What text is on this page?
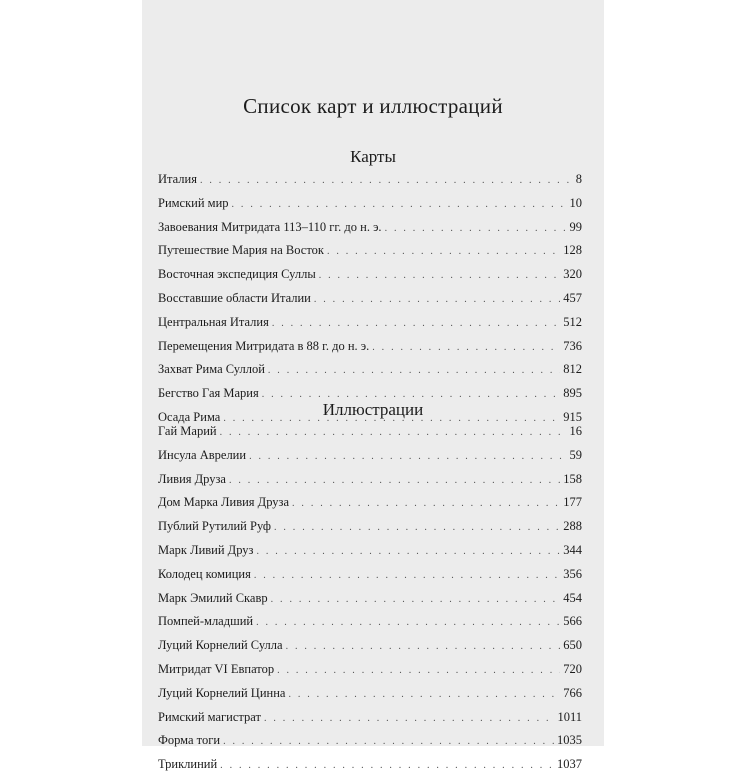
Список карт и иллюстраций
Карты
Италия . . .	8
Римский мир . . .	10
Завоевания Митридата 113–110 гг. до н. э. . . .	99
Путешествие Мария на Восток . . .	128
Восточная экспедиция Суллы . . .	320
Восставшие области Италии . . .	457
Центральная Италия . . .	512
Перемещения Митридата в 88 г. до н. э. . . .	736
Захват Рима Суллой . . .	812
Бегство Гая Мария . . .	895
Осада Рима . . .	915
Иллюстрации
Гай Марий . . .	16
Инсула Аврелии . . .	59
Ливия Друза . . .	158
Дом Марка Ливия Друза . . .	177
Публий Рутилий Руф . . .	288
Марк Ливий Друз . . .	344
Колодец комиция . . .	356
Марк Эмилий Скавр . . .	454
Помпей-младший . . .	566
Луций Корнелий Сулла . . .	650
Митридат VI Евпатор . . .	720
Луций Корнелий Цинна . . .	766
Римский магистрат . . .	1011
Форма тоги . . .	1035
Триклиний . . .	1037
